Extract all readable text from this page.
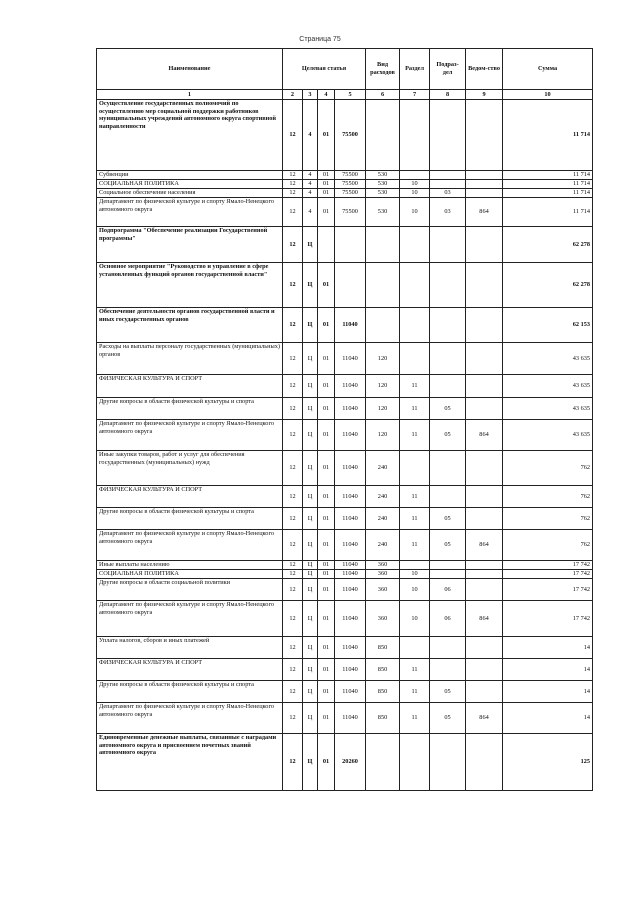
Страница 75
Наименование	Целевая статья				Вид расходов	Раздел	Подраз-дел	Ведом-ство	Сумма
1	2	3	4	5	6	7	8	9	10
Осуществление государственных полномочий по осуществлению мер социальной поддержки работников муниципальных учреждений автономного округа спортивной направленности	12	4	01	75500					11 714
Субвенции	12	4	01	75500	530				11 714
СОЦИАЛЬНАЯ ПОЛИТИКА	12	4	01	75500	530	10			11 714
Социальное обеспечение населения	12	4	01	75500	530	10	03		11 714
Департамент по физической культуре и спорту Ямало-Ненецкого автономного округа	12	4	01	75500	530	10	03	864	11 714
Подпрограмма "Обеспечение реализации Государственной программы"	12	Ц							62 278
Основное мероприятие "Руководство и управление в сфере установленных функций органов государственной власти"	12	Ц	01						62 278
Обеспечение деятельности органов государственной власти и иных государственных органов	12	Ц	01	11040					62 153
Расходы на выплаты персоналу государственных (муниципальных) органов	12	Ц	01	11040	120				43 635
ФИЗИЧЕСКАЯ КУЛЬТУРА И СПОРТ	12	Ц	01	11040	120	11			43 635
Другие вопросы в области физической культуры и спорта	12	Ц	01	11040	120	11	05		43 635
Департамент по физической культуре и спорту Ямало-Ненецкого автономного округа	12	Ц	01	11040	120	11	05	864	43 635
Иные закупки товаров, работ и услуг для обеспечения государственных (муниципальных) нужд	12	Ц	01	11040	240				762
ФИЗИЧЕСКАЯ КУЛЬТУРА И СПОРТ	12	Ц	01	11040	240	11			762
Другие вопросы в области физической культуры и спорта	12	Ц	01	11040	240	11	05		762
Департамент по физической культуре и спорту Ямало-Ненецкого автономного округа	12	Ц	01	11040	240	11	05	864	762
Иные выплаты населению	12	Ц	01	11040	360				17 742
СОЦИАЛЬНАЯ ПОЛИТИКА	12	Ц	01	11040	360	10			17 742
Другие вопросы в области социальной политики	12	Ц	01	11040	360	10	06		17 742
Департамент по физической культуре и спорту Ямало-Ненецкого автономного округа	12	Ц	01	11040	360	10	06	864	17 742
Уплата налогов, сборов и иных платежей	12	Ц	01	11040	850				14
ФИЗИЧЕСКАЯ КУЛЬТУРА И СПОРТ	12	Ц	01	11040	850	11			14
Другие вопросы в области физической культуры и спорта	12	Ц	01	11040	850	11	05		14
Департамент по физической культуре и спорту Ямало-Ненецкого автономного округа	12	Ц	01	11040	850	11	05	864	14
Единовременные денежные выплаты, связанные с наградами автономного округа и присвоением почетных званий автономного округа	12	Ц	01	20260					125
